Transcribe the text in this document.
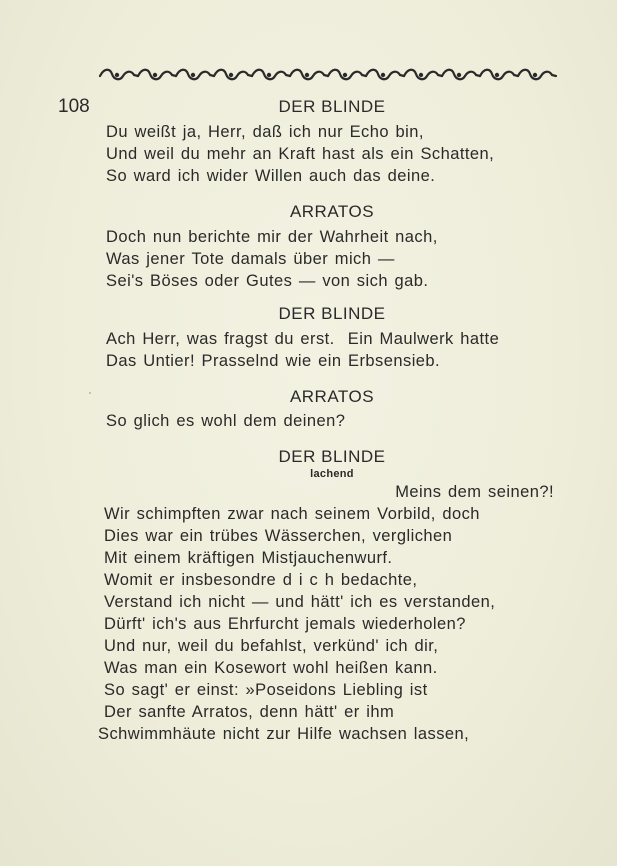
108	DER BLINDE
Du weißt ja, Herr, daß ich nur Echo bin,
Und weil du mehr an Kraft hast als ein Schatten,
So ward ich wider Willen auch das deine.
ARRATOS
Doch nun berichte mir der Wahrheit nach,
Was jener Tote damals über mich —
Sei's Böses oder Gutes — von sich gab.
DER BLINDE
Ach Herr, was fragst du erst.  Ein Maulwerk hatte
Das Untier! Prasselnd wie ein Erbsensieb.
ARRATOS
So glich es wohl dem deinen?
DER BLINDE
lachend
Meins dem seinen?!
Wir schimpften zwar nach seinem Vorbild, doch
Dies war ein trübes Wässerchen, verglichen
Mit einem kräftigen Mistjauchenwurf.
Womit er insbesondre d i c h bedachte,
Verstand ich nicht — und hätt' ich es verstanden,
Dürft' ich's aus Ehrfurcht jemals wiederholen?
Und nur, weil du befahlst, verkünd' ich dir,
Was man ein Kosewort wohl heißen kann.
So sagt' er einst: »Poseidons Liebling ist
Der sanfte Arratos, denn hätt' er ihm
Schwimmhäute nicht zur Hilfe wachsen lassen,
